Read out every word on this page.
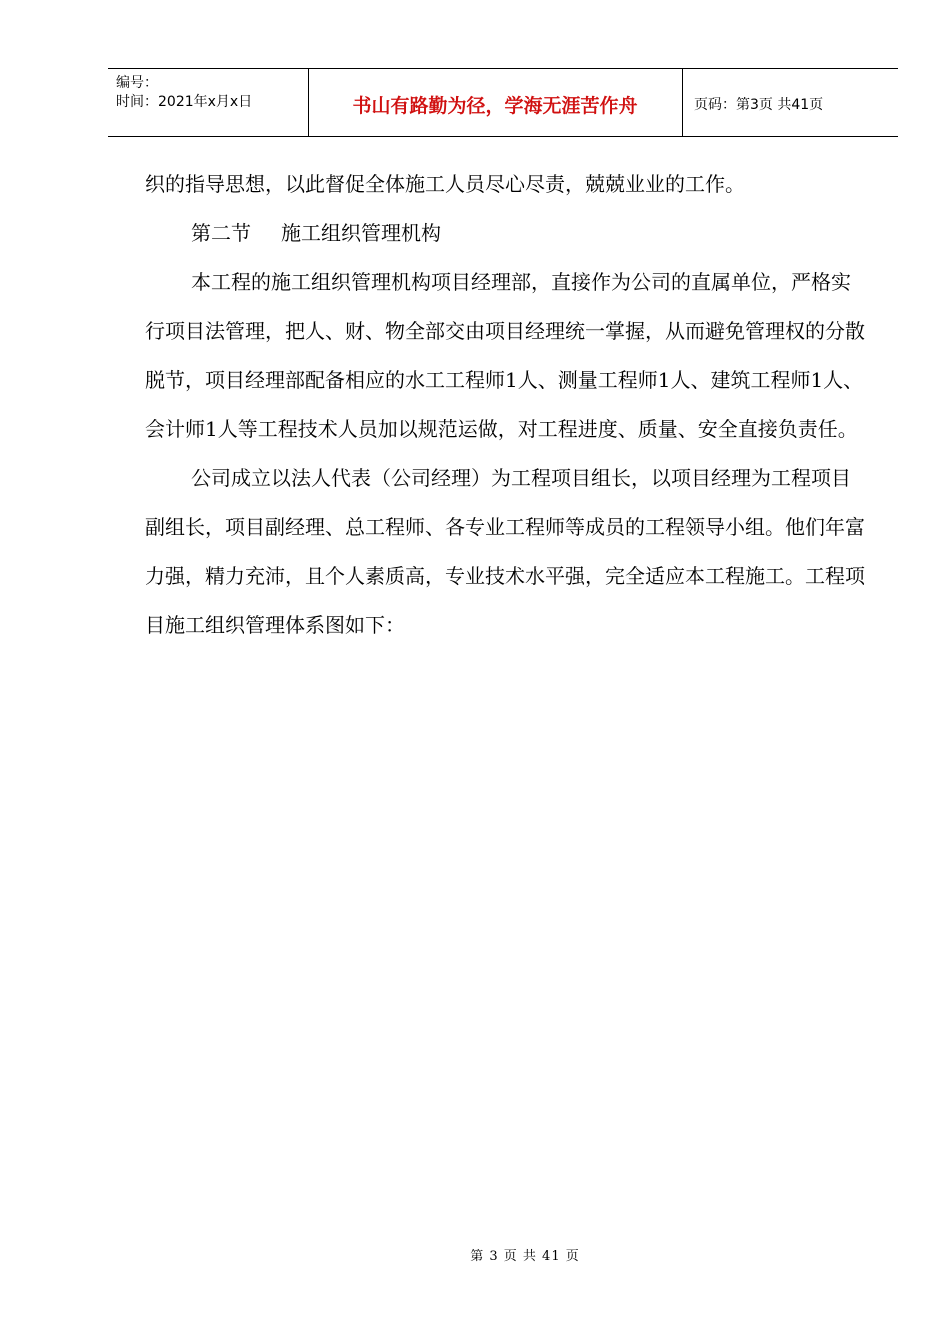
编号：
时间：2021年x月x日	书山有路勤为径，学海无涯苦作舟	页码：第3页 共41页

织的指导思想，以此督促全体施工人员尽心尽责，兢兢业业的工作。

第二节 施工组织管理机构

本工程的施工组织管理机构项目经理部，直接作为公司的直属单位，严格实行项目法管理，把人、财、物全部交由项目经理统一掌握，从而避免管理权的分散脱节，项目经理部配备相应的水工工程师1人、测量工程师1人、建筑工程师1人、会计师1人等工程技术人员加以规范运做，对工程进度、质量、安全直接负责任。

公司成立以法人代表（公司经理）为工程项目组长，以项目经理为工程项目副组长，项目副经理、总工程师、各专业工程师等成员的工程领导小组。他们年富力强，精力充沛，且个人素质高，专业技术水平强，完全适应本工程施工。工程项目施工组织管理体系图如下：

第 3 页 共 41 页
